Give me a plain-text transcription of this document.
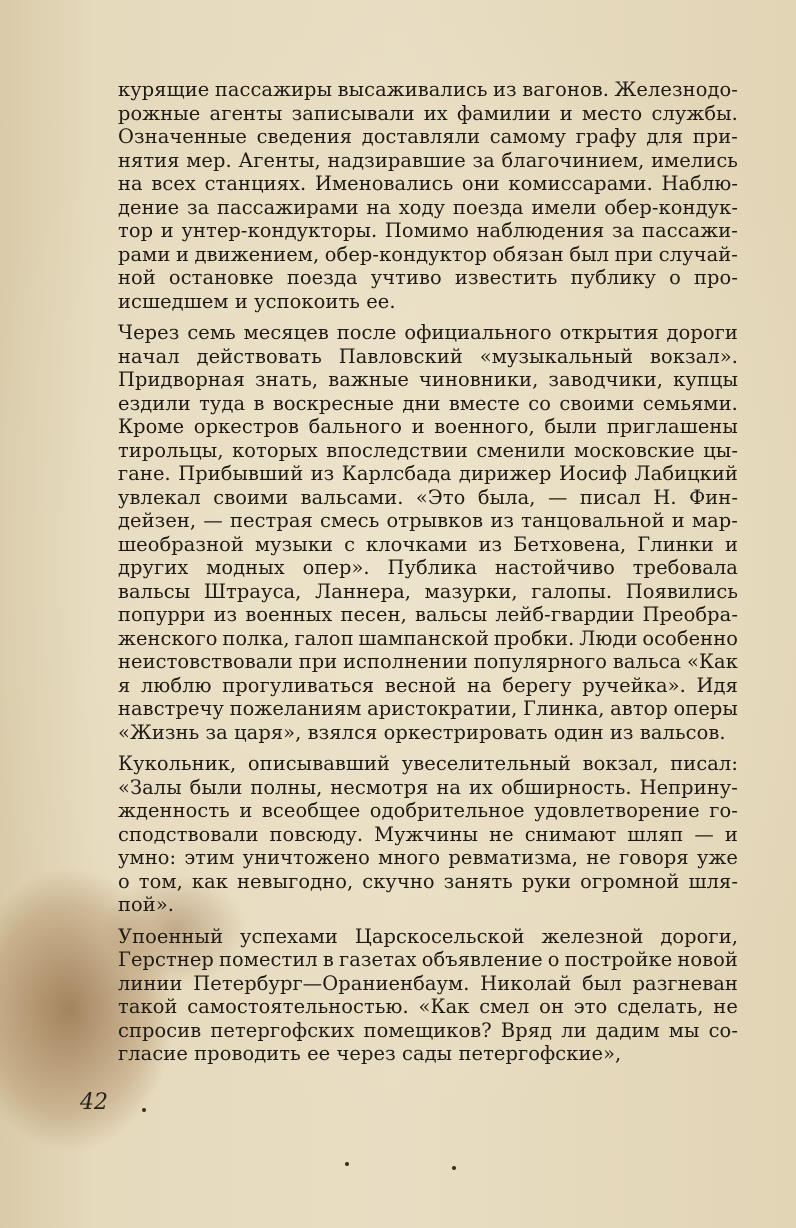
курящие пассажиры высаживались из вагонов. Железнодо-
рожные агенты записывали их фамилии и место службы.
Означенные сведения доставляли самому графу для при-
нятия мер. Агенты, надзиравшие за благочинием, имелись
на всех станциях. Именовались они комиссарами. Наблю-
дение за пассажирами на ходу поезда имели обер-кондук-
тор и унтер-кондукторы. Помимо наблюдения за пассажи-
рами и движением, обер-кондуктор обязан был при случай-
ной остановке поезда учтиво известить публику о про-
исшедшем и успокоить ее.
Через семь месяцев после официального открытия дороги
начал действовать Павловский «музыкальный вокзал».
Придворная знать, важные чиновники, заводчики, купцы
ездили туда в воскресные дни вместе со своими семьями.
Кроме оркестров бального и военного, были приглашены
тирольцы, которых впоследствии сменили московские цы-
гане. Прибывший из Карлсбада дирижер Иосиф Лабицкий
увлекал своими вальсами. «Это была, — писал Н. Фин-
дейзен, — пестрая смесь отрывков из танцовальной и мар-
шеобразной музыки с клочками из Бетховена, Глинки и
других модных опер». Публика настойчиво требовала
вальсы Штрауса, Ланнера, мазурки, галопы. Появились
попурри из военных песен, вальсы лейб-гвардии Преобра-
женского полка, галоп шампанской пробки. Люди особенно
неистовствовали при исполнении популярного вальса «Как
я люблю прогуливаться весной на берегу ручейка». Идя
навстречу пожеланиям аристократии, Глинка, автор оперы
«Жизнь за царя», взялся оркестрировать один из вальсов.
Кукольник, описывавший увеселительный вокзал, писал:
«Залы были полны, несмотря на их обширность. Неприну-
жденность и всеобщее одобрительное удовлетворение го-
сподствовали повсюду. Мужчины не снимают шляп — и
умно: этим уничтожено много ревматизма, не говоря уже
о том, как невыгодно, скучно занять руки огромной шля-
пой».
Упоенный успехами Царскосельской железной дороги,
Герстнер поместил в газетах объявление о постройке новой
линии Петербург—Ораниенбаум. Николай был разгневан
такой самостоятельностью. «Как смел он это сделать, не
спросив петергофских помещиков? Вряд ли дадим мы со-
гласие проводить ее через сады петергофские»,
42
